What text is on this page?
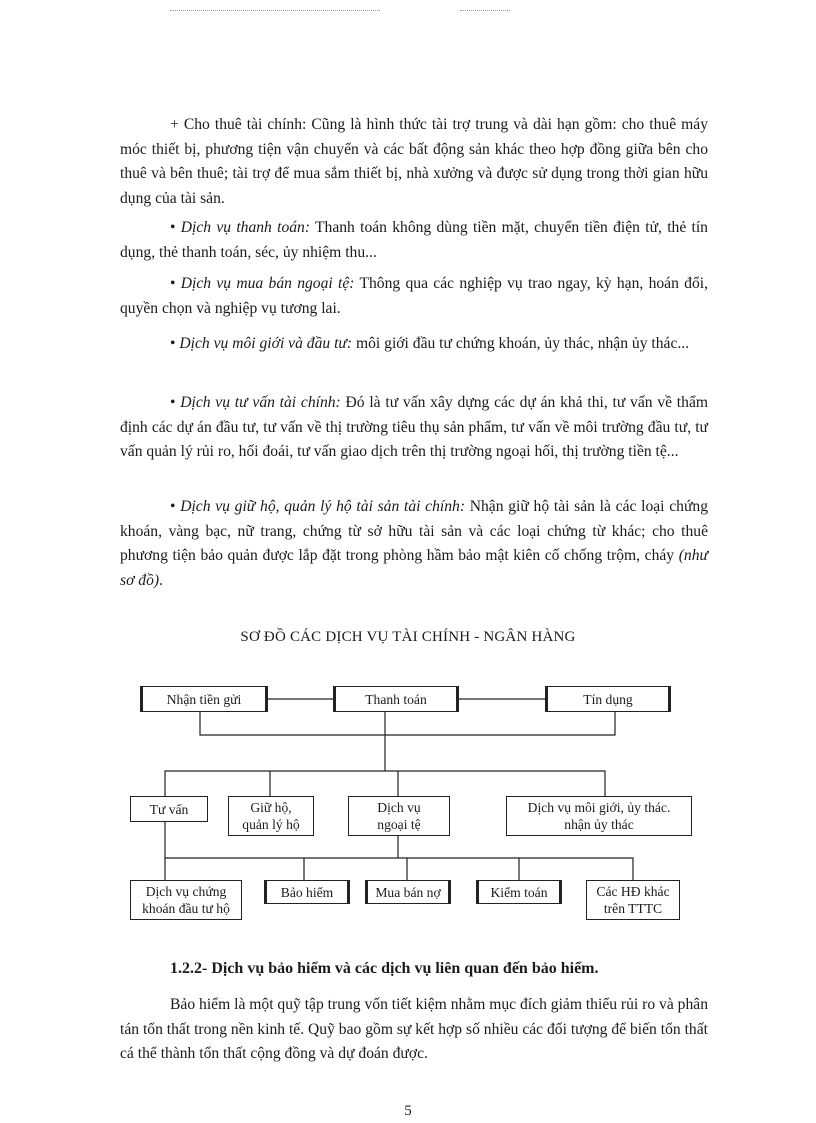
+ Cho thuê tài chính: Cũng là hình thức tài trợ trung và dài hạn gồm: cho thuê máy móc thiết bị, phương tiện vận chuyển và các bất động sản khác theo hợp đồng giữa bên cho thuê và bên thuê; tài trợ để mua sắm thiết bị, nhà xưởng và được sử dụng trong thời gian hữu dụng của tài sản.

• Dịch vụ thanh toán: Thanh toán không dùng tiền mặt, chuyển tiền điện tử, thẻ tín dụng, thẻ thanh toán, séc, ủy nhiệm thu...

• Dịch vụ mua bán ngoại tệ: Thông qua các nghiệp vụ trao ngay, kỳ hạn, hoán đổi, quyền chọn và nghiệp vụ tương lai.

• Dịch vụ môi giới và đầu tư: môi giới đầu tư chứng khoán, ủy thác, nhận ủy thác...

• Dịch vụ tư vấn tài chính: Đó là tư vấn xây dựng các dự án khả thi, tư vấn về thẩm định các dự án đầu tư, tư vấn về thị trường tiêu thụ sản phẩm, tư vấn về môi trường đầu tư, tư vấn quản lý rủi ro, hối đoái, tư vấn giao dịch trên thị trường ngoại hối, thị trường tiền tệ...

• Dịch vụ giữ hộ, quản lý hộ tài sản tài chính: Nhận giữ hộ tài sản là các loại chứng khoán, vàng bạc, nữ trang, chứng từ sở hữu tài sản và các loại chứng từ khác; cho thuê phương tiện bảo quản được lắp đặt trong phòng hầm bảo mật kiên cố chống trộm, cháy (như sơ đồ).

SƠ ĐỒ CÁC DỊCH VỤ TÀI CHÍNH - NGÂN HÀNG
Nhận tiền gửi	Thanh toán	Tín dụng
Tư vấn	Giữ hộ,
quản lý hộ
Dịch vụ
ngoại tệ
Dịch vụ môi giới, ủy thác.
nhận ủy thác
Dịch vụ chứng
khoán đầu tư hộ
Bảo hiểm	Mua bán nợ	Kiểm toán	Các HĐ khác
trên TTTC
1.2.2- Dịch vụ bảo hiểm và các dịch vụ liên quan đến bảo hiểm.

Bảo hiểm là một quỹ tập trung vốn tiết kiệm nhằm mục đích giảm thiểu rủi ro và phân tán tổn thất trong nền kinh tế. Quỹ bao gồm sự kết hợp số nhiều các đối tượng để biến tổn thất cá thể thành tổn thất cộng đồng và dự đoán được.

5
